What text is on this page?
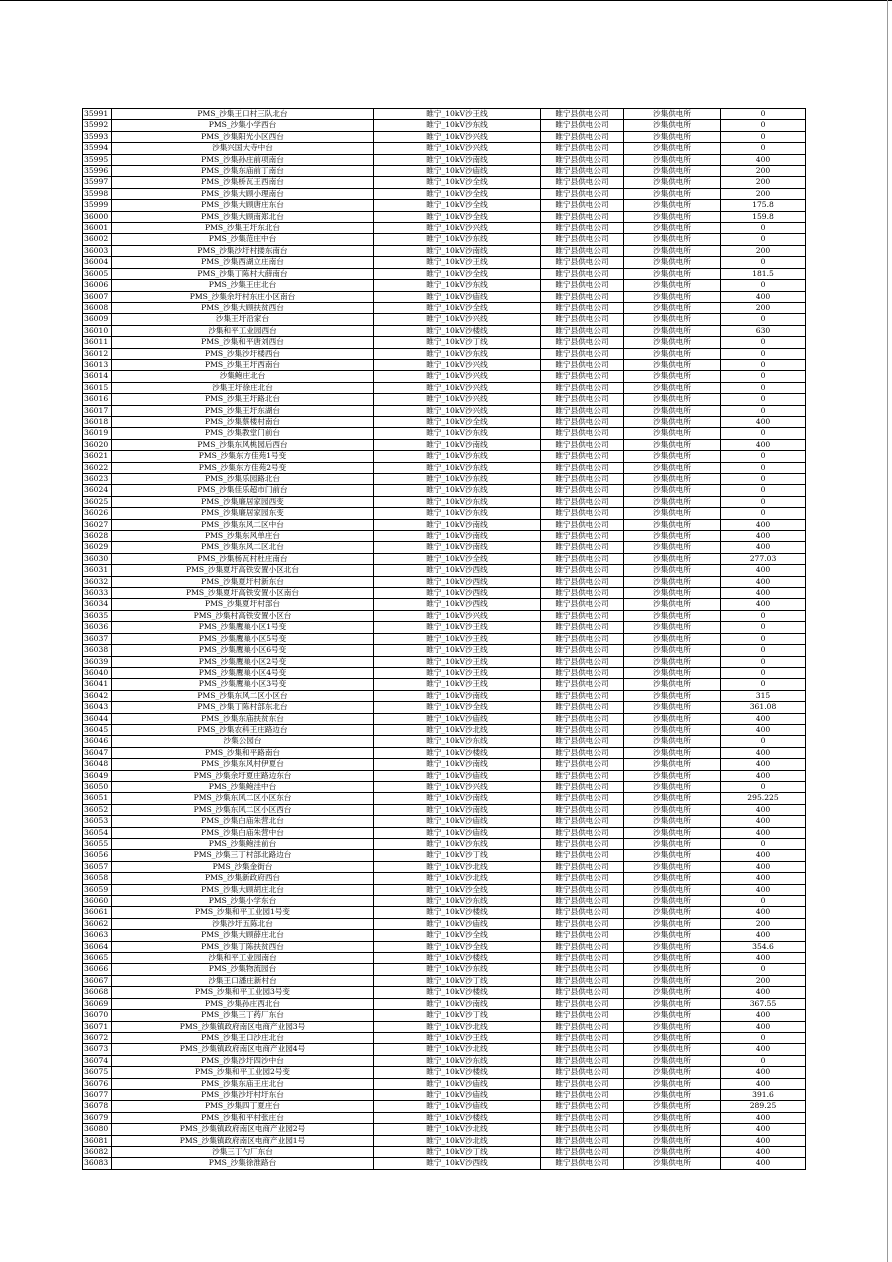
35991	PMS_沙集王口村三队北台	睢宁_10kV沙王线	睢宁县供电公司	沙集供电所	0
35992	PMS_沙集小学西台	睢宁_10kV沙东线	睢宁县供电公司	沙集供电所	0
35993	PMS_沙集阳光小区西台	睢宁_10kV沙兴线	睢宁县供电公司	沙集供电所	0
35994	沙集兴国大寺中台	睢宁_10kV沙兴线	睢宁县供电公司	沙集供电所	0
35995	PMS_沙集孙庄前项南台	睢宁_10kV沙南线	睢宁县供电公司	沙集供电所	400
35996	PMS_沙集东庙前丁南台	睢宁_10kV沙庙线	睢宁县供电公司	沙集供电所	200
35997	PMS_沙集桥瓦王西南台	睢宁_10kV沙全线	睢宁县供电公司	沙集供电所	200
35998	PMS_沙集大顾小理南台	睢宁_10kV沙全线	睢宁县供电公司	沙集供电所	200
35999	PMS_沙集大顾唐庄东台	睢宁_10kV沙全线	睢宁县供电公司	沙集供电所	175.8
36000	PMS_沙集大顾南郑北台	睢宁_10kV沙全线	睢宁县供电公司	沙集供电所	159.8
36001	PMS_沙集王圩东北台	睢宁_10kV沙兴线	睢宁县供电公司	沙集供电所	0
36002	PMS_沙集范庄中台	睢宁_10kV沙东线	睢宁县供电公司	沙集供电所	0
36003	PMS_沙集沙圩村搂东南台	睢宁_10kV沙南线	睢宁县供电公司	沙集供电所	200
36004	PMS_沙集西湖立庄南台	睢宁_10kV沙王线	睢宁县供电公司	沙集供电所	0
36005	PMS_沙集丁陈村大薛南台	睢宁_10kV沙全线	睢宁县供电公司	沙集供电所	181.5
36006	PMS_沙集王庄北台	睢宁_10kV沙东线	睢宁县供电公司	沙集供电所	0
36007	PMS_沙集余圩村东庄小区南台	睢宁_10kV沙庙线	睢宁县供电公司	沙集供电所	400
36008	PMS_沙集大顾扶贫西台	睢宁_10kV沙全线	睢宁县供电公司	沙集供电所	200
36009	沙集王圩沿家台	睢宁_10kV沙兴线	睢宁县供电公司	沙集供电所	0
36010	沙集和平工业园西台	睢宁_10kV沙楼线	睢宁县供电公司	沙集供电所	630
36011	PMS_沙集和平唐刘西台	睢宁_10kV沙丁线	睢宁县供电公司	沙集供电所	0
36012	PMS_沙集沙圩楼西台	睢宁_10kV沙东线	睢宁县供电公司	沙集供电所	0
36013	PMS_沙集王圩西南台	睢宁_10kV沙兴线	睢宁县供电公司	沙集供电所	0
36014	沙集鲍庄北台	睢宁_10kV沙兴线	睢宁县供电公司	沙集供电所	0
36015	沙集王圩徐庄北台	睢宁_10kV沙兴线	睢宁县供电公司	沙集供电所	0
36016	PMS_沙集王圩路北台	睢宁_10kV沙兴线	睢宁县供电公司	沙集供电所	0
36017	PMS_沙集王圩东湖台	睢宁_10kV沙兴线	睢宁县供电公司	沙集供电所	0
36018	PMS_沙集蔡楼村南台	睢宁_10kV沙全线	睢宁县供电公司	沙集供电所	400
36019	PMS_沙集教堂门前台	睢宁_10kV沙东线	睢宁县供电公司	沙集供电所	0
36020	PMS_沙集东风桃园后西台	睢宁_10kV沙南线	睢宁县供电公司	沙集供电所	400
36021	PMS_沙集东方佳苑1号变	睢宁_10kV沙东线	睢宁县供电公司	沙集供电所	0
36022	PMS_沙集东方佳苑2号变	睢宁_10kV沙东线	睢宁县供电公司	沙集供电所	0
36023	PMS_沙集乐园路北台	睢宁_10kV沙东线	睢宁县供电公司	沙集供电所	0
36024	PMS_沙集佳乐超市门前台	睢宁_10kV沙东线	睢宁县供电公司	沙集供电所	0
36025	PMS_沙集廉居家园西变	睢宁_10kV沙东线	睢宁县供电公司	沙集供电所	0
36026	PMS_沙集廉居家园东变	睢宁_10kV沙东线	睢宁县供电公司	沙集供电所	0
36027	PMS_沙集东风二区中台	睢宁_10kV沙南线	睢宁县供电公司	沙集供电所	400
36028	PMS_沙集东风单庄台	睢宁_10kV沙南线	睢宁县供电公司	沙集供电所	400
36029	PMS_沙集东风二区北台	睢宁_10kV沙南线	睢宁县供电公司	沙集供电所	400
36030	PMS_沙集杨瓦村杜庄南台	睢宁_10kV沙全线	睢宁县供电公司	沙集供电所	277.03
36031	PMS_沙集夏圩高铁安置小区北台	睢宁_10kV沙西线	睢宁县供电公司	沙集供电所	400
36032	PMS_沙集夏圩村新东台	睢宁_10kV沙西线	睢宁县供电公司	沙集供电所	400
36033	PMS_沙集夏圩高铁安置小区南台	睢宁_10kV沙西线	睢宁县供电公司	沙集供电所	400
36034	PMS_沙集夏圩村部台	睢宁_10kV沙西线	睢宁县供电公司	沙集供电所	400
36035	PMS_沙集村高铁安置小区台	睢宁_10kV沙兴线	睢宁县供电公司	沙集供电所	0
36036	PMS_沙集鹰巢小区1号变	睢宁_10kV沙王线	睢宁县供电公司	沙集供电所	0
36037	PMS_沙集鹰巢小区5号变	睢宁_10kV沙王线	睢宁县供电公司	沙集供电所	0
36038	PMS_沙集鹰巢小区6号变	睢宁_10kV沙王线	睢宁县供电公司	沙集供电所	0
36039	PMS_沙集鹰巢小区2号变	睢宁_10kV沙王线	睢宁县供电公司	沙集供电所	0
36040	PMS_沙集鹰巢小区4号变	睢宁_10kV沙王线	睢宁县供电公司	沙集供电所	0
36041	PMS_沙集鹰巢小区3号变	睢宁_10kV沙王线	睢宁县供电公司	沙集供电所	0
36042	PMS_沙集东风二区小区台	睢宁_10kV沙南线	睢宁县供电公司	沙集供电所	315
36043	PMS_沙集丁陈村部东北台	睢宁_10kV沙全线	睢宁县供电公司	沙集供电所	361.08
36044	PMS_沙集东庙扶贫东台	睢宁_10kV沙庙线	睢宁县供电公司	沙集供电所	400
36045	PMS_沙集农科王庄路边台	睢宁_10kV沙北线	睢宁县供电公司	沙集供电所	400
36046	沙集公园台	睢宁_10kV沙东线	睢宁县供电公司	沙集供电所	0
36047	PMS_沙集和平路南台	睢宁_10kV沙楼线	睢宁县供电公司	沙集供电所	400
36048	PMS_沙集东风村伊夏台	睢宁_10kV沙南线	睢宁县供电公司	沙集供电所	400
36049	PMS_沙集余圩夏庄路边东台	睢宁_10kV沙庙线	睢宁县供电公司	沙集供电所	400
36050	PMS_沙集鲍洼中台	睢宁_10kV沙兴线	睢宁县供电公司	沙集供电所	0
36051	PMS_沙集东风二区小区东台	睢宁_10kV沙南线	睢宁县供电公司	沙集供电所	295.225
36052	PMS_沙集东风二区小区西台	睢宁_10kV沙南线	睢宁县供电公司	沙集供电所	400
36053	PMS_沙集白庙朱营北台	睢宁_10kV沙庙线	睢宁县供电公司	沙集供电所	400
36054	PMS_沙集白庙朱营中台	睢宁_10kV沙庙线	睢宁县供电公司	沙集供电所	400
36055	PMS_沙集鲍洼前台	睢宁_10kV沙东线	睢宁县供电公司	沙集供电所	0
36056	PMS_沙集三丁村部北路边台	睢宁_10kV沙丁线	睢宁县供电公司	沙集供电所	400
36057	PMS_沙集金街台	睢宁_10kV沙北线	睢宁县供电公司	沙集供电所	400
36058	PMS_沙集新政府西台	睢宁_10kV沙北线	睢宁县供电公司	沙集供电所	400
36059	PMS_沙集大顾胡庄北台	睢宁_10kV沙全线	睢宁县供电公司	沙集供电所	400
36060	PMS_沙集小学东台	睢宁_10kV沙东线	睢宁县供电公司	沙集供电所	0
36061	PMS_沙集和平工业园1号变	睢宁_10kV沙楼线	睢宁县供电公司	沙集供电所	400
36062	沙集沙圩五陈北台	睢宁_10kV沙庙线	睢宁县供电公司	沙集供电所	200
36063	PMS_沙集大顾薛庄北台	睢宁_10kV沙全线	睢宁县供电公司	沙集供电所	400
36064	PMS_沙集丁陈扶贫西台	睢宁_10kV沙全线	睢宁县供电公司	沙集供电所	354.6
36065	沙集和平工业园南台	睢宁_10kV沙楼线	睢宁县供电公司	沙集供电所	400
36066	PMS_沙集物流园台	睢宁_10kV沙东线	睢宁县供电公司	沙集供电所	0
36067	沙集王口潘庄新村台	睢宁_10kV沙丁线	睢宁县供电公司	沙集供电所	200
36068	PMS_沙集和平工业园3号变	睢宁_10kV沙楼线	睢宁县供电公司	沙集供电所	400
36069	PMS_沙集孙庄西北台	睢宁_10kV沙南线	睢宁县供电公司	沙集供电所	367.55
36070	PMS_沙集三丁药厂东台	睢宁_10kV沙丁线	睢宁县供电公司	沙集供电所	400
36071	PMS_沙集镇政府南区电商产业园3号	睢宁_10kV沙北线	睢宁县供电公司	沙集供电所	400
36072	PMS_沙集王口沙庄北台	睢宁_10kV沙王线	睢宁县供电公司	沙集供电所	0
36073	PMS_沙集镇政府南区电商产业园4号	睢宁_10kV沙北线	睢宁县供电公司	沙集供电所	400
36074	PMS_沙集沙圩四沙中台	睢宁_10kV沙东线	睢宁县供电公司	沙集供电所	0
36075	PMS_沙集和平工业园2号变	睢宁_10kV沙楼线	睢宁县供电公司	沙集供电所	400
36076	PMS_沙集东庙王庄北台	睢宁_10kV沙庙线	睢宁县供电公司	沙集供电所	400
36077	PMS_沙集沙圩村圩东台	睢宁_10kV沙庙线	睢宁县供电公司	沙集供电所	391.6
36078	PMS_沙集四丁夏庄台	睢宁_10kV沙庙线	睢宁县供电公司	沙集供电所	289.25
36079	PMS_沙集和平村张庄台	睢宁_10kV沙楼线	睢宁县供电公司	沙集供电所	400
36080	PMS_沙集镇政府南区电商产业园2号	睢宁_10kV沙北线	睢宁县供电公司	沙集供电所	400
36081	PMS_沙集镇政府南区电商产业园1号	睢宁_10kV沙北线	睢宁县供电公司	沙集供电所	400
36082	沙集三丁勺厂东台	睢宁_10kV沙丁线	睢宁县供电公司	沙集供电所	400
36083	PMS_沙集徐淮路台	睢宁_10kV沙西线	睢宁县供电公司	沙集供电所	400
